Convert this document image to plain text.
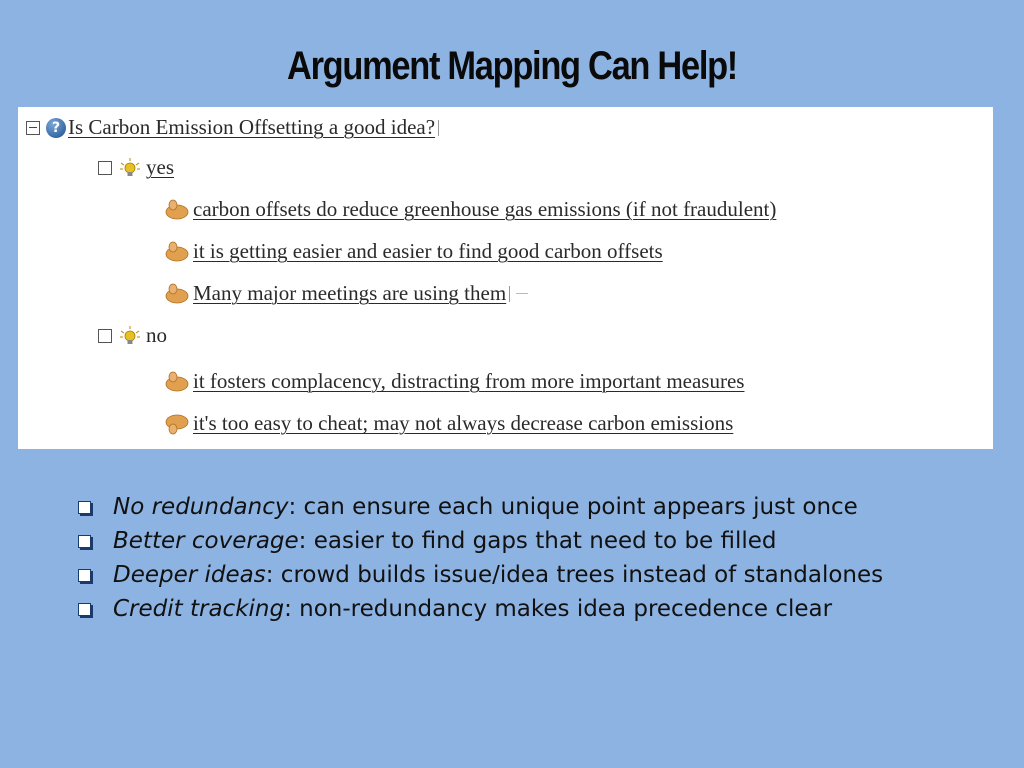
Argument Mapping Can Help!
? Is Carbon Emission Offsetting a good idea?
yes
carbon offsets do reduce greenhouse gas emissions (if not fraudulent)
it is getting easier and easier to find good carbon offsets
Many major meetings are using them
no
it fosters complacency, distracting from more important measures
it's too easy to cheat; may not always decrease carbon emissions
No redundancy : can ensure each unique point appears just once
Better coverage : easier to find gaps that need to be filled
Deeper ideas : crowd builds issue/idea trees instead of standalones
Credit tracking : non-redundancy makes idea precedence clear
